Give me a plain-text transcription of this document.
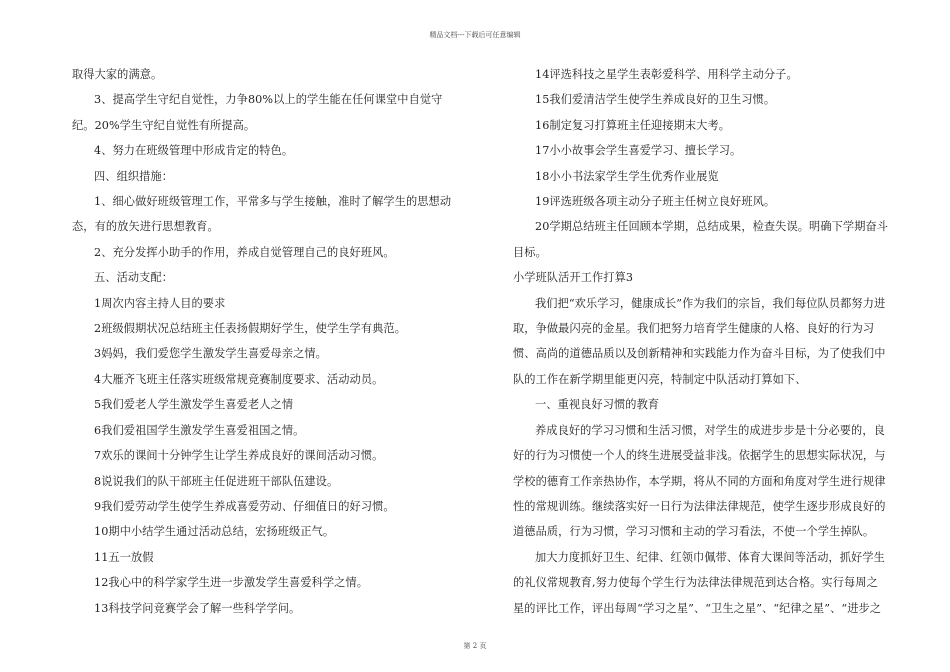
精品文档---下载后可任意编辑

取得大家的满意。

3、提高学生守纪自觉性，力争80%以上的学生能在任何课堂中自觉守纪。20%学生守纪自觉性有所提高。

4、努力在班级管理中形成肯定的特色。

四、组织措施：

1、细心做好班级管理工作，平常多与学生接触，准时了解学生的思想动态，有的放矢进行思想教育。

2、充分发挥小助手的作用，养成自觉管理自己的良好班风。

五、活动支配：

1周次内容主持人目的要求

2班级假期状况总结班主任表扬假期好学生，使学生学有典范。

3妈妈，我们爱您学生激发学生喜爱母亲之情。

4大雁齐飞班主任落实班级常规竞赛制度要求、活动动员。

5我们爱老人学生激发学生喜爱老人之情

6我们爱祖国学生激发学生喜爱祖国之情。

7欢乐的课间十分钟学生让学生养成良好的课间活动习惯。

8说说我们的队干部班主任促进班干部队伍建设。

9我们爱劳动学生使学生养成喜爱劳动、仔细值日的好习惯。

10期中小结学生通过活动总结，宏扬班级正气。

11五一放假

12我心中的科学家学生进一步激发学生喜爱科学之情。

13科技学问竞赛学会了解一些科学学问。

14评选科技之星学生表彰爱科学、用科学主动分子。

15我们爱清洁学生使学生养成良好的卫生习惯。

16制定复习打算班主任迎接期末大考。

17小小故事会学生喜爱学习、擅长学习。

18小小书法家学生学生优秀作业展览

19评选班级各项主动分子班主任树立良好班风。

20学期总结班主任回顾本学期，总结成果，检查失误。明确下学期奋斗目标。

小学班队活开工作打算3

我们把“欢乐学习，健康成长”作为我们的宗旨，我们每位队员都努力进取，争做最闪亮的金星。我们把努力培育学生健康的人格、良好的行为习惯、高尚的道德品质以及创新精神和实践能力作为奋斗目标，为了使我们中队的工作在新学期里能更闪亮，特制定中队活动打算如下、

一、重视良好习惯的教育

养成良好的学习习惯和生活习惯，对学生的成进步步是十分必要的，良好的行为习惯使一个人的终生进展受益非浅。依据学生的思想实际状况，与学校的德育工作亲热协作，本学期，将从不同的方面和角度对学生进行规律性的常规训练。继续落实好一日行为法律法律规范，使学生逐步形成良好的道德品质，行为习惯，学习习惯和主动的学习看法，不使一个学生掉队。

加大力度抓好卫生、纪律、红领巾佩带、体育大课间等活动，抓好学生的礼仪常规教育,努力使每个学生行为法律法律规范到达合格。实行每周之星的评比工作，评出每周“学习之星”、“卫生之星”、“纪律之星”、“进步之

第 2 页
